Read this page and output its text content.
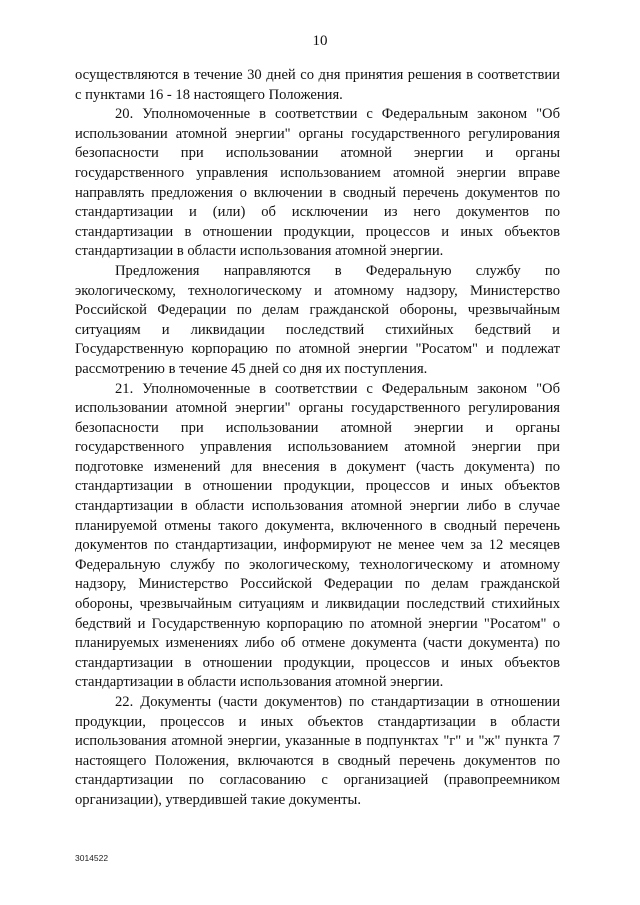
10

осуществляются в течение 30 дней со дня принятия решения в соответствии с пунктами 16 - 18 настоящего Положения.

20. Уполномоченные в соответствии с Федеральным законом "Об использовании атомной энергии" органы государственного регулирования безопасности при использовании атомной энергии и органы государственного управления использованием атомной энергии вправе направлять предложения о включении в сводный перечень документов по стандартизации и (или) об исключении из него документов по стандартизации в отношении продукции, процессов и иных объектов стандартизации в области использования атомной энергии.

Предложения направляются в Федеральную службу по экологическому, технологическому и атомному надзору, Министерство Российской Федерации по делам гражданской обороны, чрезвычайным ситуациям и ликвидации последствий стихийных бедствий и Государственную корпорацию по атомной энергии "Росатом" и подлежат рассмотрению в течение 45 дней со дня их поступления.

21. Уполномоченные в соответствии с Федеральным законом "Об использовании атомной энергии" органы государственного регулирования безопасности при использовании атомной энергии и органы государственного управления использованием атомной энергии при подготовке изменений для внесения в документ (часть документа) по стандартизации в отношении продукции, процессов и иных объектов стандартизации в области использования атомной энергии либо в случае планируемой отмены такого документа, включенного в сводный перечень документов по стандартизации, информируют не менее чем за 12 месяцев Федеральную службу по экологическому, технологическому и атомному надзору, Министерство Российской Федерации по делам гражданской обороны, чрезвычайным ситуациям и ликвидации последствий стихийных бедствий и Государственную корпорацию по атомной энергии "Росатом" о планируемых изменениях либо об отмене документа (части документа) по стандартизации в отношении продукции, процессов и иных объектов стандартизации в области использования атомной энергии.

22. Документы (части документов) по стандартизации в отношении продукции, процессов и иных объектов стандартизации в области использования атомной энергии, указанные в подпунктах "г" и "ж" пункта 7 настоящего Положения, включаются в сводный перечень документов по стандартизации по согласованию с организацией (правопреемником организации), утвердившей такие документы.

3014522
